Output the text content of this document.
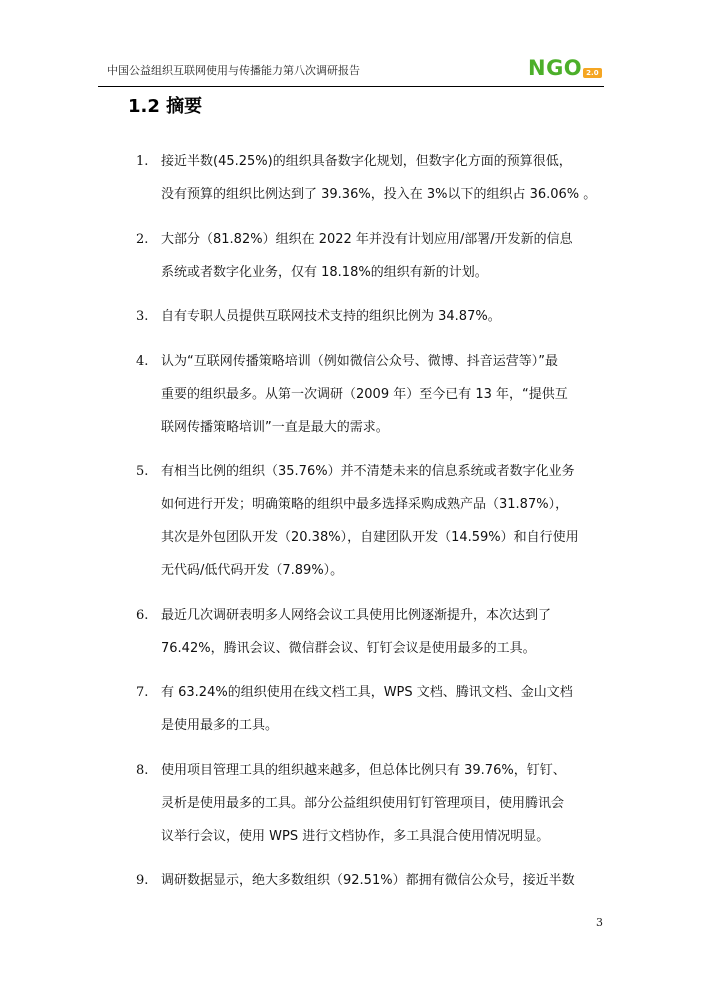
中国公益组织互联网使用与传播能力第八次调研报告	NGO 2.0
1.2 摘要
1. 接近半数(45.25%)的组织具备数字化规划，但数字化方面的预算很低，
没有预算的组织比例达到了 39.36%，投入在 3%以下的组织占 36.06% 。
2. 大部分（81.82%）组织在 2022 年并没有计划应用/部署/开发新的信息
系统或者数字化业务，仅有 18.18%的组织有新的计划。
3. 自有专职人员提供互联网技术支持的组织比例为 34.87%。
4. 认为“互联网传播策略培训（例如微信公众号、微博、抖音运营等）”最
重要的组织最多。从第一次调研（2009 年）至今已有 13 年，“提供互
联网传播策略培训”一直是最大的需求。
5. 有相当比例的组织（35.76%）并不清楚未来的信息系统或者数字化业务
如何进行开发；明确策略的组织中最多选择采购成熟产品（31.87%），
其次是外包团队开发（20.38%），自建团队开发（14.59%）和自行使用
无代码/低代码开发（7.89%）。
6. 最近几次调研表明多人网络会议工具使用比例逐渐提升，本次达到了
76.42%，腾讯会议、微信群会议、钉钉会议是使用最多的工具。
7. 有 63.24%的组织使用在线文档工具，WPS 文档、腾讯文档、金山文档
是使用最多的工具。
8. 使用项目管理工具的组织越来越多，但总体比例只有 39.76%，钉钉、
灵析是使用最多的工具。部分公益组织使用钉钉管理项目，使用腾讯会
议举行会议，使用 WPS 进行文档协作，多工具混合使用情况明显。
9. 调研数据显示，绝大多数组织（92.51%）都拥有微信公众号，接近半数
3
